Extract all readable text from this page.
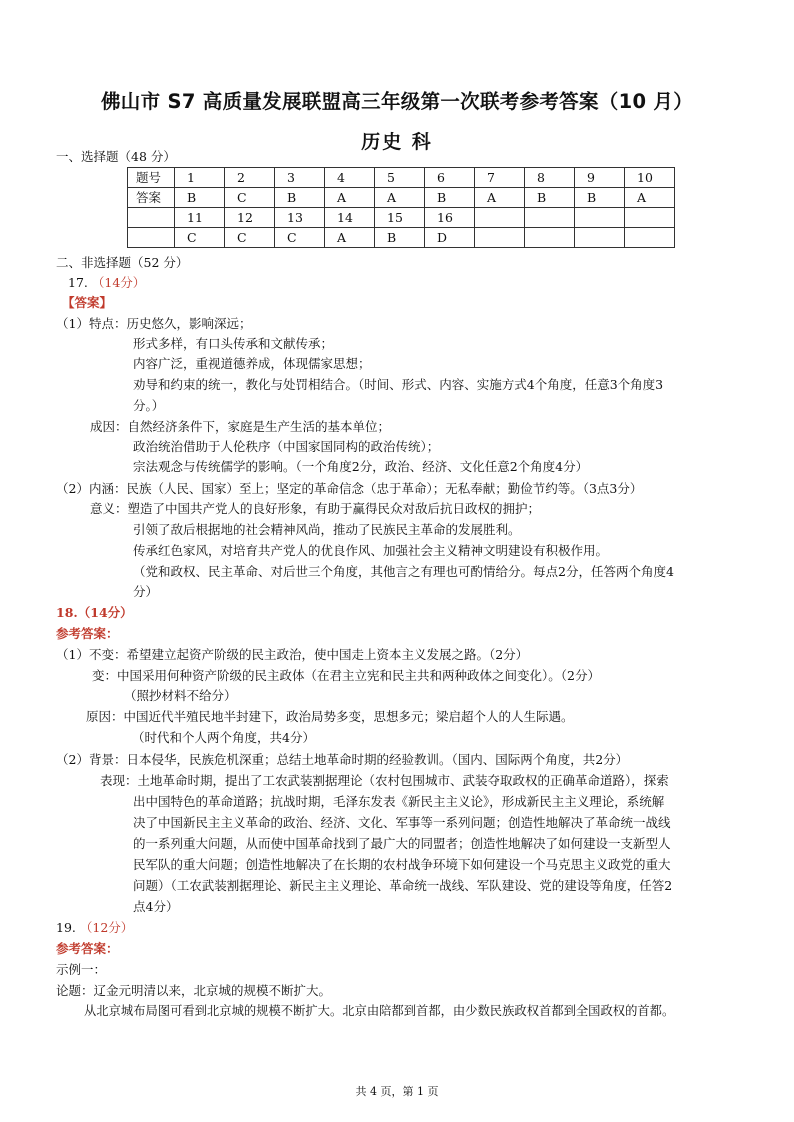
佛山市 S7 高质量发展联盟高三年级第一次联考参考答案（10 月）
历史 科
一、选择题（48 分）
题号	1	2	3	4	5	6	7	8	9	10
答案	B	C	B	A	A	B	A	B	B	A
	11	12	13	14	15	16				
	C	C	C	A	B	D				
二、非选择题（52 分）
17. （14分）
【答案】
（1）特点：历史悠久，影响深远；
形式多样，有口头传承和文献传承；
内容广泛，重视道德养成，体现儒家思想；
劝导和约束的统一，教化与处罚相结合。（时间、形式、内容、实施方式4个角度，任意3个角度3
分。）
成因：自然经济条件下，家庭是生产生活的基本单位；
政治统治借助于人伦秩序（中国家国同构的政治传统）；
宗法观念与传统儒学的影响。（一个角度2分，政治、经济、文化任意2个角度4分）
（2）内涵：民族（人民、国家）至上；坚定的革命信念（忠于革命）；无私奉献；勤俭节约等。（3点3分）
意义：塑造了中国共产党人的良好形象，有助于赢得民众对敌后抗日政权的拥护；
引领了敌后根据地的社会精神风尚，推动了民族民主革命的发展胜利。
传承红色家风，对培育共产党人的优良作风、加强社会主义精神文明建设有积极作用。
（党和政权、民主革命、对后世三个角度，其他言之有理也可酌情给分。每点2分，任答两个角度4
分）
18.（14分）
参考答案：
（1）不变：希望建立起资产阶级的民主政治，使中国走上资本主义发展之路。（2分）
变：中国采用何种资产阶级的民主政体（在君主立宪和民主共和两种政体之间变化）。（2分）
（照抄材料不给分）
原因：中国近代半殖民地半封建下，政治局势多变，思想多元；梁启超个人的人生际遇。
（时代和个人两个角度，共4分）
（2）背景：日本侵华，民族危机深重；总结土地革命时期的经验教训。（国内、国际两个角度，共2分）
表现：土地革命时期，提出了工农武装割据理论（农村包围城市、武装夺取政权的正确革命道路），探索
出中国特色的革命道路；抗战时期，毛泽东发表《新民主主义论》，形成新民主主义理论，系统解
决了中国新民主主义革命的政治、经济、文化、军事等一系列问题；创造性地解决了革命统一战线
的一系列重大问题，从而使中国革命找到了最广大的同盟者；创造性地解决了如何建设一支新型人
民军队的重大问题；创造性地解决了在长期的农村战争环境下如何建设一个马克思主义政党的重大
问题）（工农武装割据理论、新民主主义理论、革命统一战线、军队建设、党的建设等角度，任答2
点4分）
19. （12分）
参考答案：
示例一：
论题：辽金元明清以来，北京城的规模不断扩大。
从北京城布局图可看到北京城的规模不断扩大。北京由陪都到首都，由少数民族政权首都到全国政权的首都。
共 4 页，第 1 页
